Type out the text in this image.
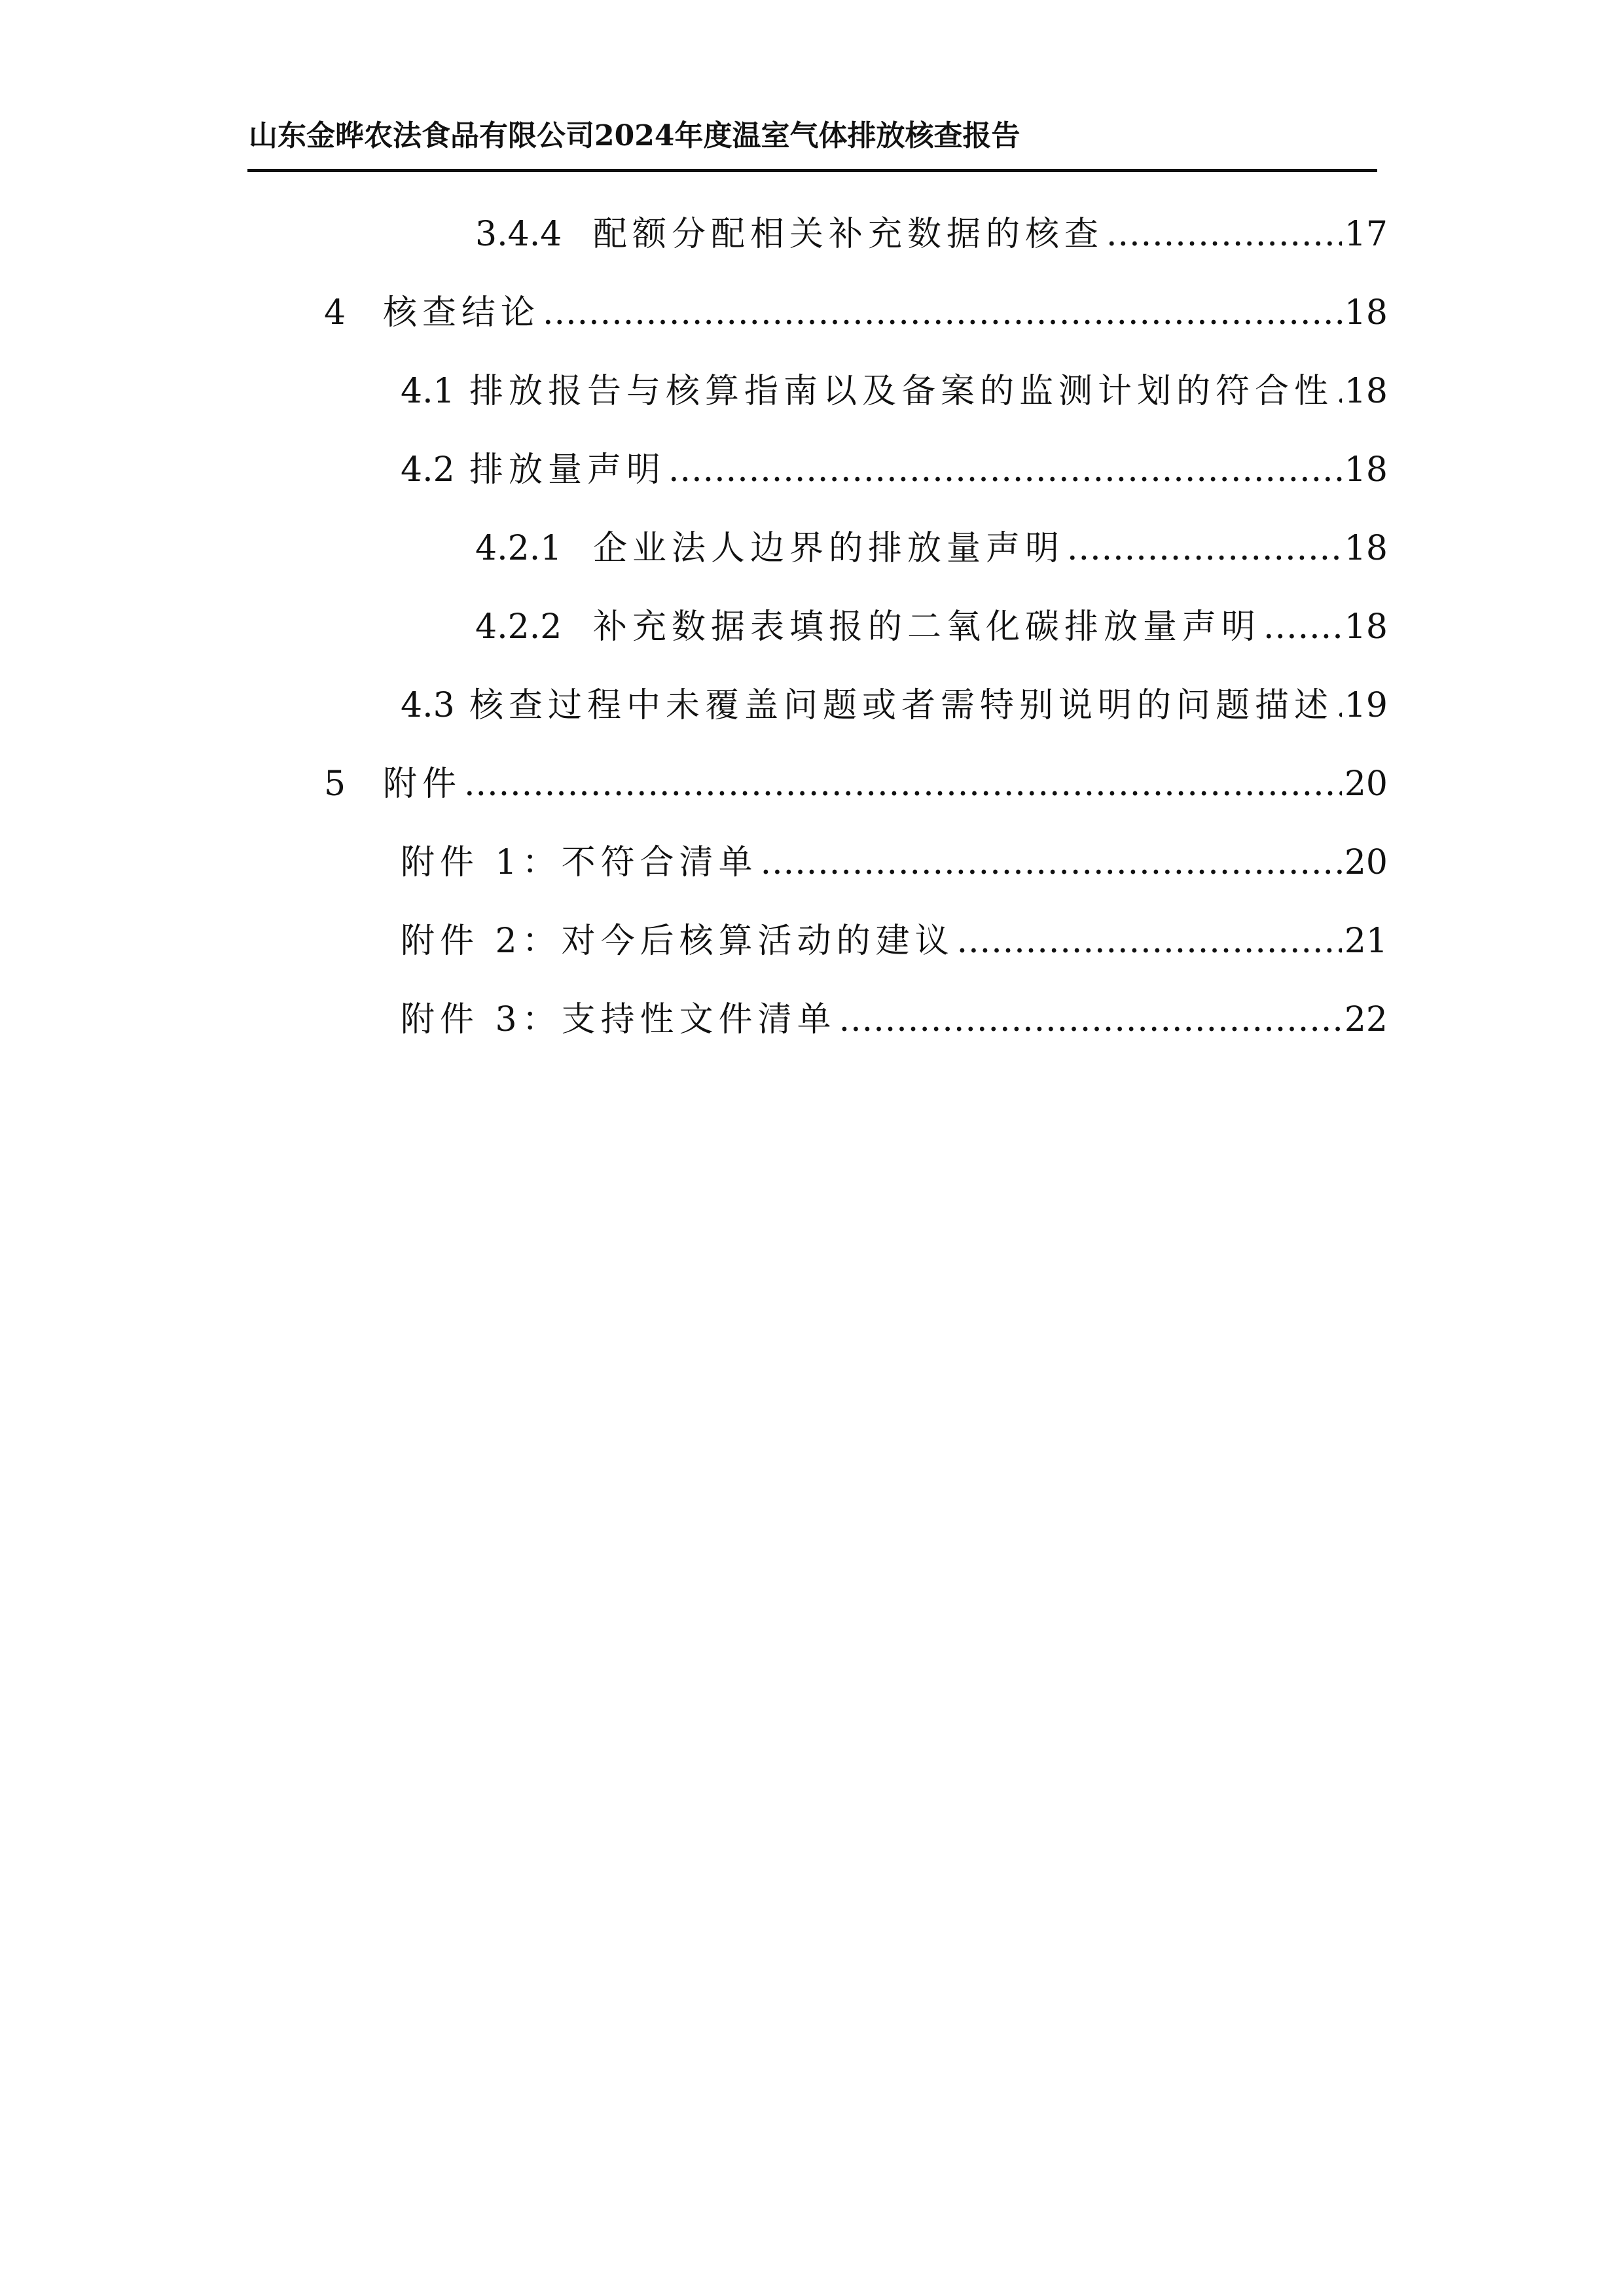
山东金晔农法食品有限公司2024年度温室气体排放核查报告
3.4.4 配额分配相关补充数据的核查 .....	17
4	核查结论 .....	18
4.1 排放报告与核算指南以及备案的监测计划的符合性 ..... 18
4.2 排放量声明 .....	18
4.2.1 企业法人边界的排放量声明 .....	18
4.2.2 补充数据表填报的二氧化碳排放量声明 ..... 18
4.3 核查过程中未覆盖问题或者需特别说明的问题描述 ..... 19
5	附件 .....	20
附件 1：不符合清单 .....	20
附件 2：对今后核算活动的建议 .....	21
附件 3：支持性文件清单 .....	22
